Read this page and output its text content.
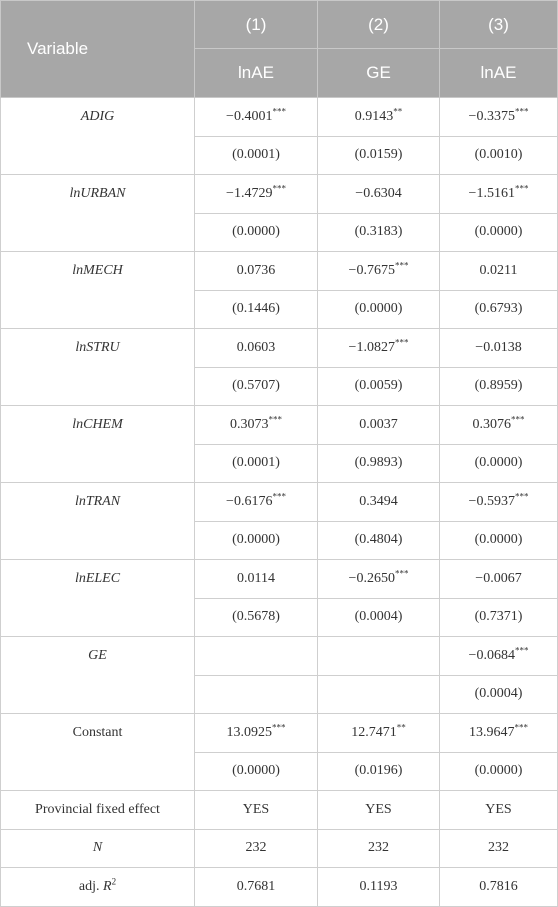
Variable	(1)	(2)	(3)
	lnAE	GE	lnAE
ADIG	−0.4001***	0.9143**	−0.3375***
	(0.0001)	(0.0159)	(0.0010)
lnURBAN	−1.4729***	−0.6304	−1.5161***
	(0.0000)	(0.3183)	(0.0000)
lnMECH	0.0736	−0.7675***	0.0211
	(0.1446)	(0.0000)	(0.6793)
lnSTRU	0.0603	−1.0827***	−0.0138
	(0.5707)	(0.0059)	(0.8959)
lnCHEM	0.3073***	0.0037	0.3076***
	(0.0001)	(0.9893)	(0.0000)
lnTRAN	−0.6176***	0.3494	−0.5937***
	(0.0000)	(0.4804)	(0.0000)
lnELEC	0.0114	−0.2650***	−0.0067
	(0.5678)	(0.0004)	(0.7371)
GE			−0.0684***
			(0.0004)
Constant	13.0925***	12.7471**	13.9647***
	(0.0000)	(0.0196)	(0.0000)
Provincial fixed effect	YES	YES	YES
N	232	232	232
adj. $R^2$	0.7681	0.1193	0.7816
